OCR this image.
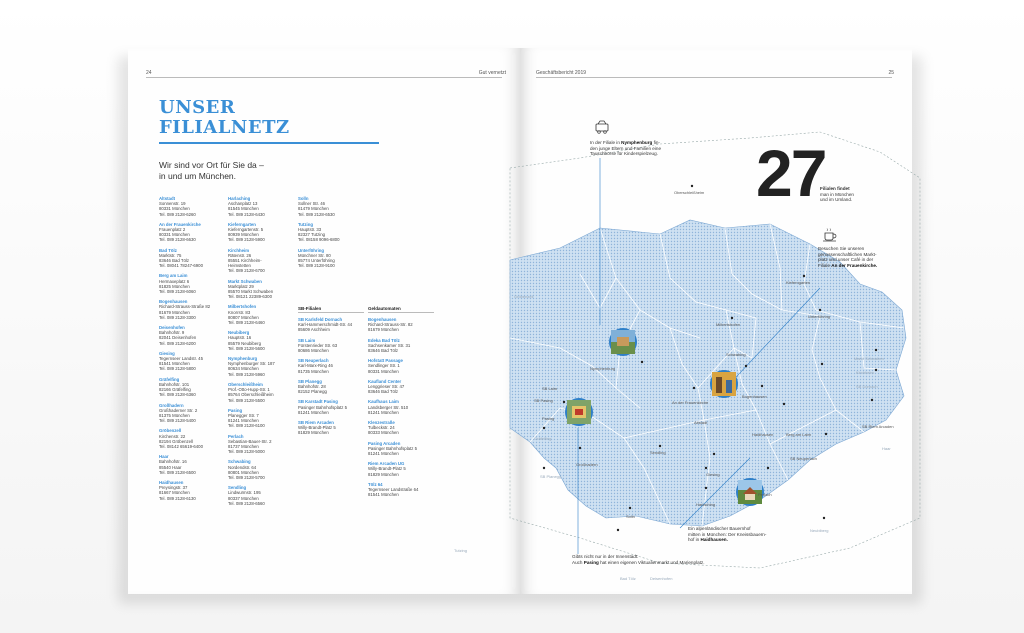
24	Gut vernetzt
UNSER
FILIALNETZ

Wir sind vor Ort für Sie da –
in und um München.

Altstadt
Sonnenstr. 19
80331 München
Tel. 089 2128-6260
An der Frauenkirche
Frauenplatz 2
80331 München
Tel. 089 2128-6630
Bad Tölz
Marktstr. 75
83646 Bad Tölz
Tel. 08041 78247-6900
Berg am Laim
Hermaxeplatz 6
81825 München
Tel. 089 2128-6060
Bogenhausen
Richard-Strauss-Straße 82
81679 München
Tel. 089 2128-3300
Deisenhofen
Bahnhofstr. 9
82041 Deisenhofen
Tel. 089 2128-6200
Giesing
Tegernseer Landstr. 45
81541 München
Tel. 089 2128-5800
Gräfelfing
Bahnhofstr. 101
82166 Gräfelfing
Tel. 089 2128-6360
Großhadern
Großhaderner Str. 2
81375 München
Tel. 089 2128-5400
Gröbenzell
Kirchenstr. 22
82194 Gröbenzell
Tel. 08142 65619-6400
Haar
Bahnhofstr. 16
85540 Haar
Tel. 089 2128-6500
Haidhausen
Preysingstr. 37
81667 München
Tel. 089 2128-6130
Harlaching
Aschanplatz 13
81545 München
Tel. 089 2128-6430
Kieferngarten
Kieferngartenstr. 5
80939 München
Tel. 089 2128-5900
Kirchheim
Rätenstr. 26
85551 Kirchheim-
Heimstetten
Tel. 089 2128-6700
Markt Schwaben
Marktplatz 29
85570 Markt Schwaben
Tel. 08121 22389-6300
Milbertshofen
Knorrstr. 83
80807 München
Tel. 089 2128-6460
Neubiberg
Hauptstr. 16
85579 Neubiberg
Tel. 089 2128-5600
Nymphenburg
Nymphenburger Str. 187
80634 München
Tel. 089 2128-5960
Oberschleißheim
Prof.-Otto-Hupp-Str. 1
85764 Oberschleißheim
Tel. 089 2128-5500
Pasing
Planegger Str. 7
81241 München
Tel. 089 2128-6100
Perlach
Sebastian-Bauer-Str. 2
81737 München
Tel. 089 2128-5000
Schwabing
Nordendstr. 64
80801 München
Tel. 089 2128-5700
Sendling
Lindwurmstr. 195
80337 München
Tel. 089 2128-6560
Solln
Sollner Str. 46
81479 München
Tel. 089 2128-6530
Tutzing
Hauptstr. 33
82327 Tutzing
Tel. 08158 9096-6800
Unterföhring
Münchner Str. 80
85774 Unterföhring
Tel. 089 2128-9100
SB-Filialen
SB Karlsfeld Dornach
Karl-Hammerschmidt-Str. 44
85609 Aschheim
SB Laim
Fürstenrieder Str. 63
80686 München
SB Neuperlach
Karl-Marx-Ring 46
81735 München
SB Planegg
Bahnhofstr. 28
82152 Planegg
SB Karstadt Pasing
Pasinger Bahnhofsplatz 5
81241 München
SB Riem Arcaden
Willy-Brandt-Platz 5
81829 München
Geldautomaten
Bogenhausen
Richard-Strauss-Str. 82
81679 München
Edeka Bad Tölz
Sachsenkamer Str. 31
83646 Bad Tölz
Hofstatt Passage
Sendlinger Str. 1
80331 München
Kaufland Center
Lenggrieser Str. 47
83646 Bad Tölz
Kaufhaus Laim
Landsberger Str. 510
81241 München
Klenzestraße
Tulbeckstr. 24
80333 München
Pasing Arcaden
Pasinger Bahnhofsplatz 5
81241 München
Riem Arcaden UG
Willy-Brandt-Platz 5
81829 München
Tölz 64
Tegernseer Landstraße 64
81541 München
Geschäftsbericht 2019	25
27
Filialen findet
man in München
und im Umland.
In der Filiale in Nymphenburg fin-
den junge Eltern und Familien eine
Tauschbörse für Kinderspielzeug.
Besuchen Sie unseren
genossenschaftlichen Markt-
platz und unser Café in der
Filiale An der Frauenkirche.
Ein alpenländischer Bauernhof
mitten in München: Der Kneissbauern-
hof in Haidhausen.
Gibts nicht nur in der Innenstadt:
Auch Pasing hat einen eigenen Viktualienmarkt und Marienplatz.
Oberschleißheim
Kieferngarten
Milbertshofen
Unterföhring
Schwabing
Nymphenburg
SB Laim
Pasing
SB Pasing	An der Frauenkirche
Altstadt
Bogenhausen
Haidhausen	Berg am Laim
Markt Schwaben
Kirchheim
SB Dornach
SB Riem Arcaden
Haar
Sendling
Großhadern
Gräfelfing
Giesing
SB Neuperlach
Perlach
Harlaching
Neubiberg
Solln
SB Planegg
Gröbenzell
Tutzing
Bad Tölz	Deisenhofen
